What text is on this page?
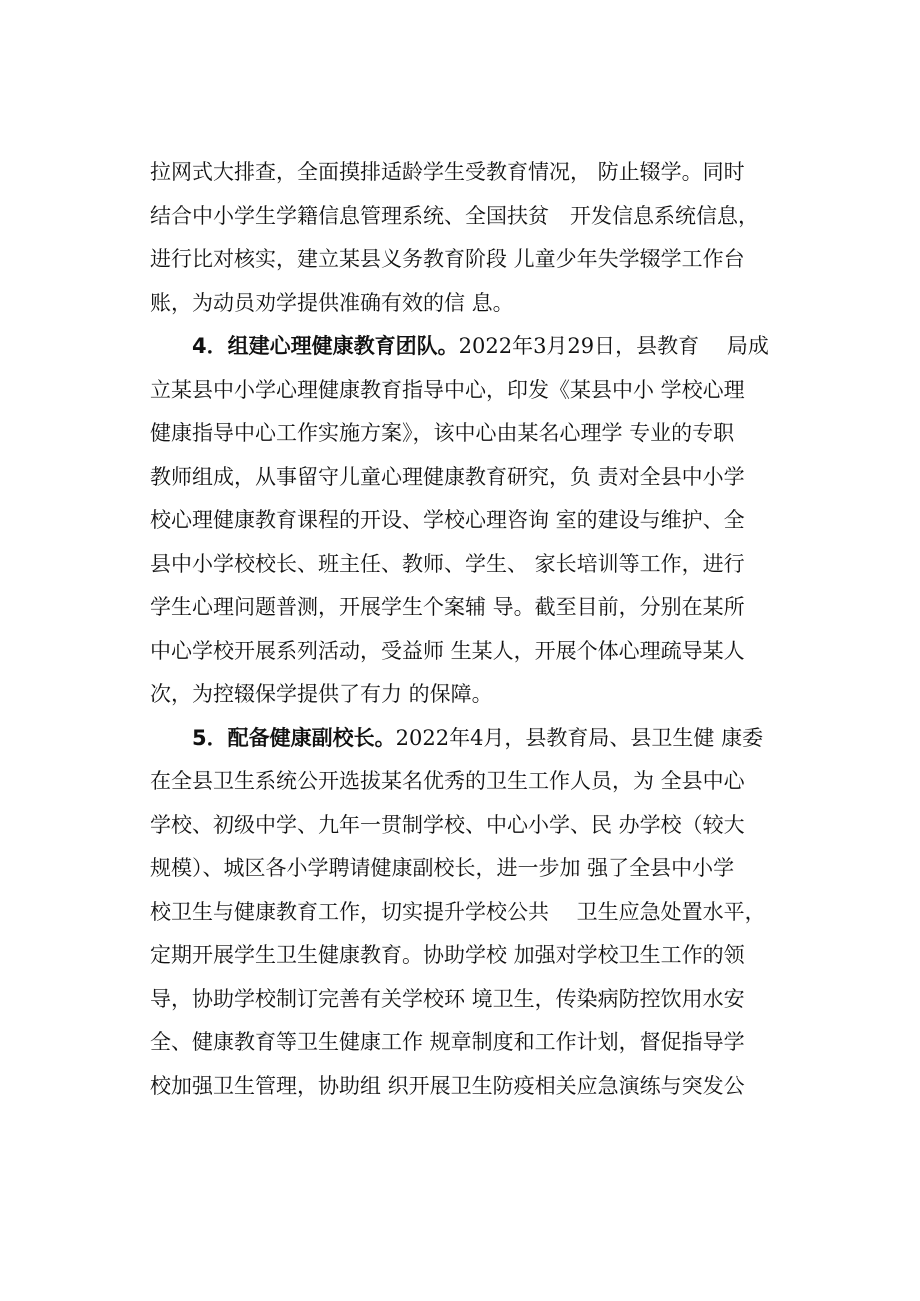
拉网式大排查，全面摸排适龄学生受教育情况， 防止辍学。同时
结合中小学生学籍信息管理系统、全国扶贫　开发信息系统信息，
进行比对核实，建立某县义务教育阶段 儿童少年失学辍学工作台
账，为动员劝学提供准确有效的信 息。
4．组建心理健康教育团队。2022年3月29日，县教育　 局成
立某县中小学心理健康教育指导中心，印发《某县中小 学校心理
健康指导中心工作实施方案》，该中心由某名心理学 专业的专职
教师组成，从事留守儿童心理健康教育研究，负 责对全县中小学
校心理健康教育课程的开设、学校心理咨询 室的建设与维护、全
县中小学校校长、班主任、教师、学生、 家长培训等工作，进行
学生心理问题普测，开展学生个案辅 导。截至目前，分别在某所
中心学校开展系列活动，受益师 生某人，开展个体心理疏导某人
次，为控辍保学提供了有力 的保障。
5．配备健康副校长。2022年4月，县教育局、县卫生健 康委
在全县卫生系统公开选拔某名优秀的卫生工作人员，为 全县中心
学校、初级中学、九年一贯制学校、中心小学、民 办学校（较大
规模）、城区各小学聘请健康副校长，进一步加 强了全县中小学
校卫生与健康教育工作，切实提升学校公共　 卫生应急处置水平，
定期开展学生卫生健康教育。协助学校 加强对学校卫生工作的领
导，协助学校制订完善有关学校环 境卫生，传染病防控饮用水安
全、健康教育等卫生健康工作 规章制度和工作计划，督促指导学
校加强卫生管理，协助组 织开展卫生防疫相关应急演练与突发公
